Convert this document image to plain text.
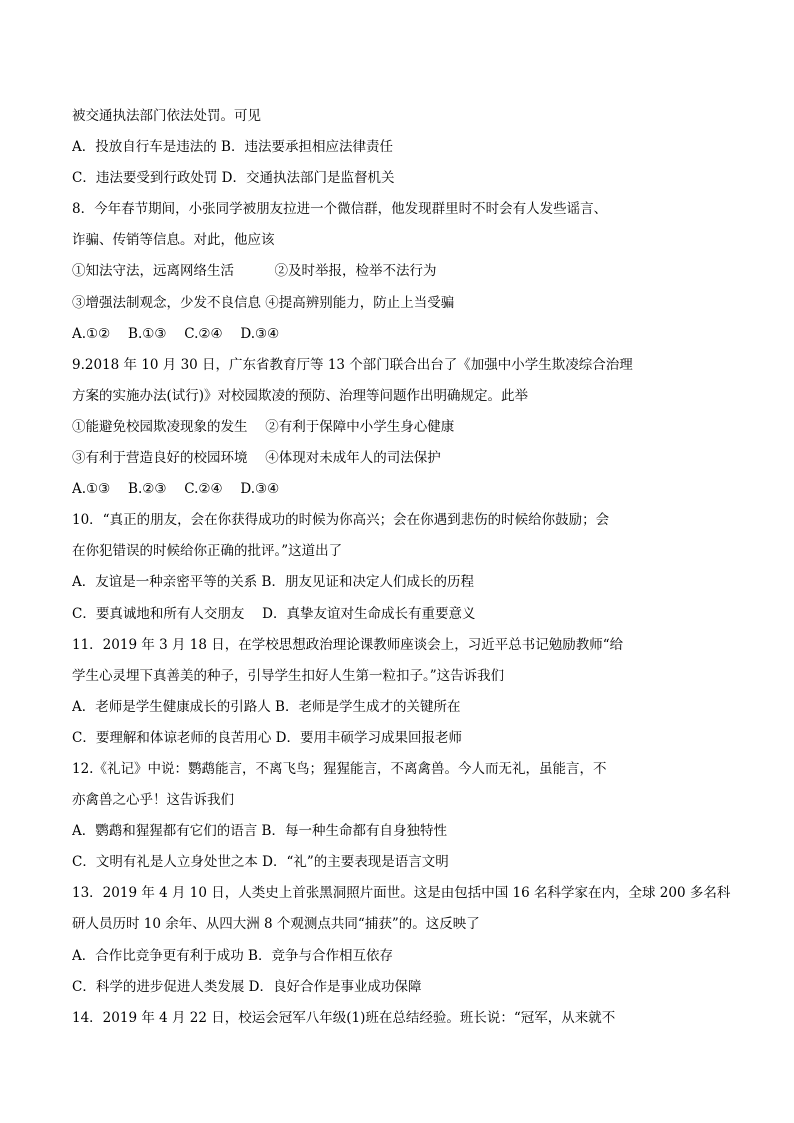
被交通执法部门依法处罚。可见
A．投放自行车是违法的 B．违法要承担相应法律责任
C．违法要受到行政处罚 D．交通执法部门是监督机关
8．今年春节期间，小张同学被朋友拉进一个微信群，他发现群里时不时会有人发些谣言、
诈骗、传销等信息。对此，他应该
①知法守法，远离网络生活　　　②及时举报，检举不法行为
③增强法制观念，少发不良信息 ④提高辨别能力，防止上当受骗
A.①②　 B.①③　 C.②④　 D.③④
9.2018 年 10 月 30 日，广东省教育厅等 13 个部门联合出台了《加强中小学生欺凌综合治理
方案的实施办法(试行)》对校园欺凌的预防、治理等问题作出明确规定。此举
①能避免校园欺凌现象的发生　 ②有利于保障中小学生身心健康
③有利于营造良好的校园环境　 ④体现对未成年人的司法保护
A.①③　 B.②③　 C.②④　 D.③④
10．“真正的朋友，会在你获得成功的时候为你高兴；会在你遇到悲伤的时候给你鼓励；会
在你犯错误的时候给你正确的批评。”这道出了
A．友谊是一种亲密平等的关系 B．朋友见证和决定人们成长的历程
C．要真诚地和所有人交朋友　 D．真挚友谊对生命成长有重要意义
11．2019 年 3 月 18 日，在学校思想政治理论课教师座谈会上，习近平总书记勉励教师“给
学生心灵埋下真善美的种子，引导学生扣好人生第一粒扣子。”这告诉我们
A．老师是学生健康成长的引路人 B．老师是学生成才的关键所在
C．要理解和体谅老师的良苦用心 D．要用丰硕学习成果回报老师
12.《礼记》中说：鹦鹉能言，不离飞鸟；猩猩能言，不离禽兽。今人而无礼，虽能言，不
亦禽兽之心乎！这告诉我们
A．鹦鹉和猩猩都有它们的语言 B．每一种生命都有自身独特性
C．文明有礼是人立身处世之本 D．“礼”的主要表现是语言文明
13．2019 年 4 月 10 日，人类史上首张黑洞照片面世。这是由包括中国 16 名科学家在内，全球 200 多名科
研人员历时 10 余年、从四大洲 8 个观测点共同“捕获”的。这反映了
A．合作比竞争更有利于成功 B．竞争与合作相互依存
C．科学的进步促进人类发展 D．良好合作是事业成功保障
14．2019 年 4 月 22 日，校运会冠军八年级(1)班在总结经验。班长说：“冠军，从来就不
